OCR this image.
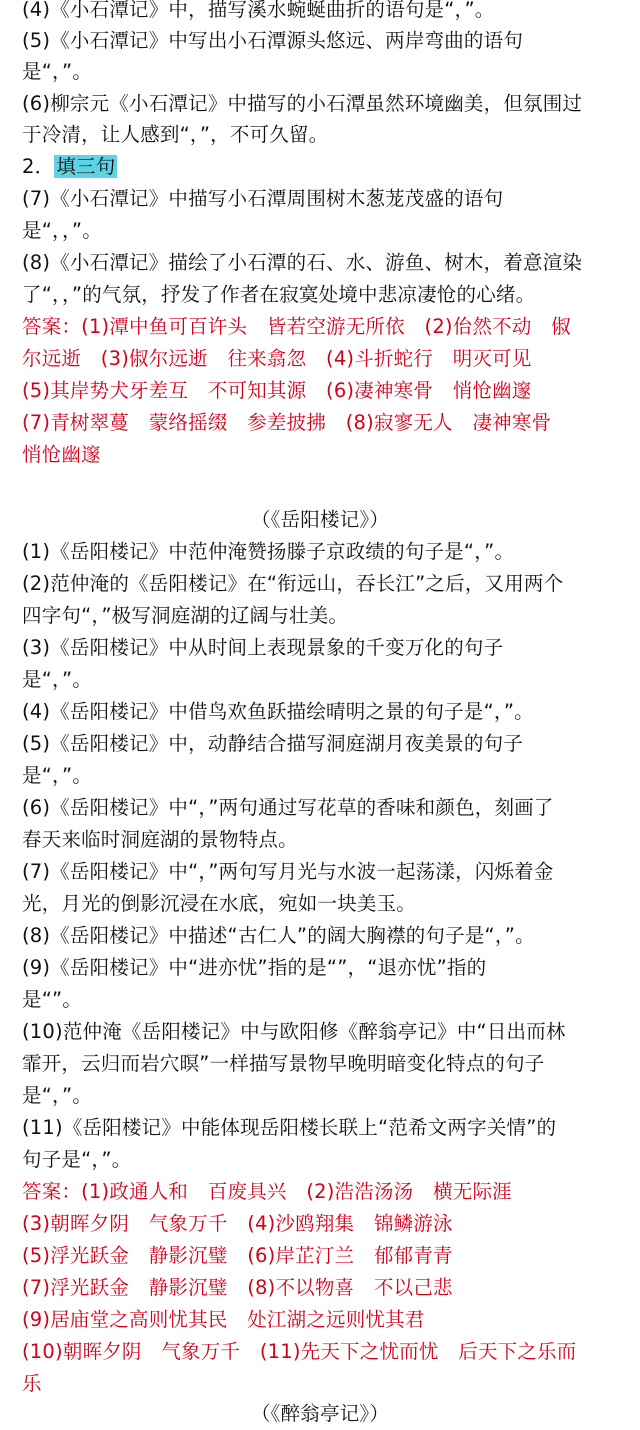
(4)《小石潭记》中，描写溪水蜿蜒曲折的语句是“，”。
(5)《小石潭记》中写出小石潭源头悠远、两岸弯曲的语句
是“，”。
(6)柳宗元《小石潭记》中描写的小石潭虽然环境幽美，但氛围过
于冷清，让人感到“，”，不可久留。
2． 填三句
(7)《小石潭记》中描写小石潭周围树木葱茏茂盛的语句
是“，，”。
(8)《小石潭记》描绘了小石潭的石、水、游鱼、树木，着意渲染
了“，，”的气氛，抒发了作者在寂寞处境中悲凉凄怆的心绪。
答案：(1)潭中鱼可百许头　皆若空游无所依　(2)佁然不动　俶
尔远逝　(3)俶尔远逝　往来翕忽　(4)斗折蛇行　明灭可见
(5)其岸势犬牙差互　不可知其源　(6)凄神寒骨　悄怆幽邃
(7)青树翠蔓　蒙络摇缀　参差披拂　(8)寂寥无人　凄神寒骨
悄怆幽邃
（《岳阳楼记》）
(1)《岳阳楼记》中范仲淹赞扬滕子京政绩的句子是“，”。
(2)范仲淹的《岳阳楼记》在“衔远山，吞长江”之后，又用两个
四字句“，”极写洞庭湖的辽阔与壮美。
(3)《岳阳楼记》中从时间上表现景象的千变万化的句子
是“，”。
(4)《岳阳楼记》中借鸟欢鱼跃描绘晴明之景的句子是“，”。
(5)《岳阳楼记》中，动静结合描写洞庭湖月夜美景的句子
是“，”。
(6)《岳阳楼记》中“，”两句通过写花草的香味和颜色，刻画了
春天来临时洞庭湖的景物特点。
(7)《岳阳楼记》中“，”两句写月光与水波一起荡漾，闪烁着金
光，月光的倒影沉浸在水底，宛如一块美玉。
(8)《岳阳楼记》中描述“古仁人”的阔大胸襟的句子是“，”。
(9)《岳阳楼记》中“进亦忧”指的是“”，“退亦忧”指的
是“”。
(10)范仲淹《岳阳楼记》中与欧阳修《醉翁亭记》中“日出而林
霏开，云归而岩穴暝”一样描写景物早晚明暗变化特点的句子
是“，”。
(11)《岳阳楼记》中能体现岳阳楼长联上“范希文两字关情”的
句子是“，”。
答案：(1)政通人和　百废具兴　(2)浩浩汤汤　横无际涯
(3)朝晖夕阴　气象万千　(4)沙鸥翔集　锦鳞游泳
(5)浮光跃金　静影沉璧　(6)岸芷汀兰　郁郁青青
(7)浮光跃金　静影沉璧　(8)不以物喜　不以己悲
(9)居庙堂之高则忧其民　处江湖之远则忧其君
(10)朝晖夕阴　气象万千　(11)先天下之忧而忧　后天下之乐而
乐
（《醉翁亭记》）
